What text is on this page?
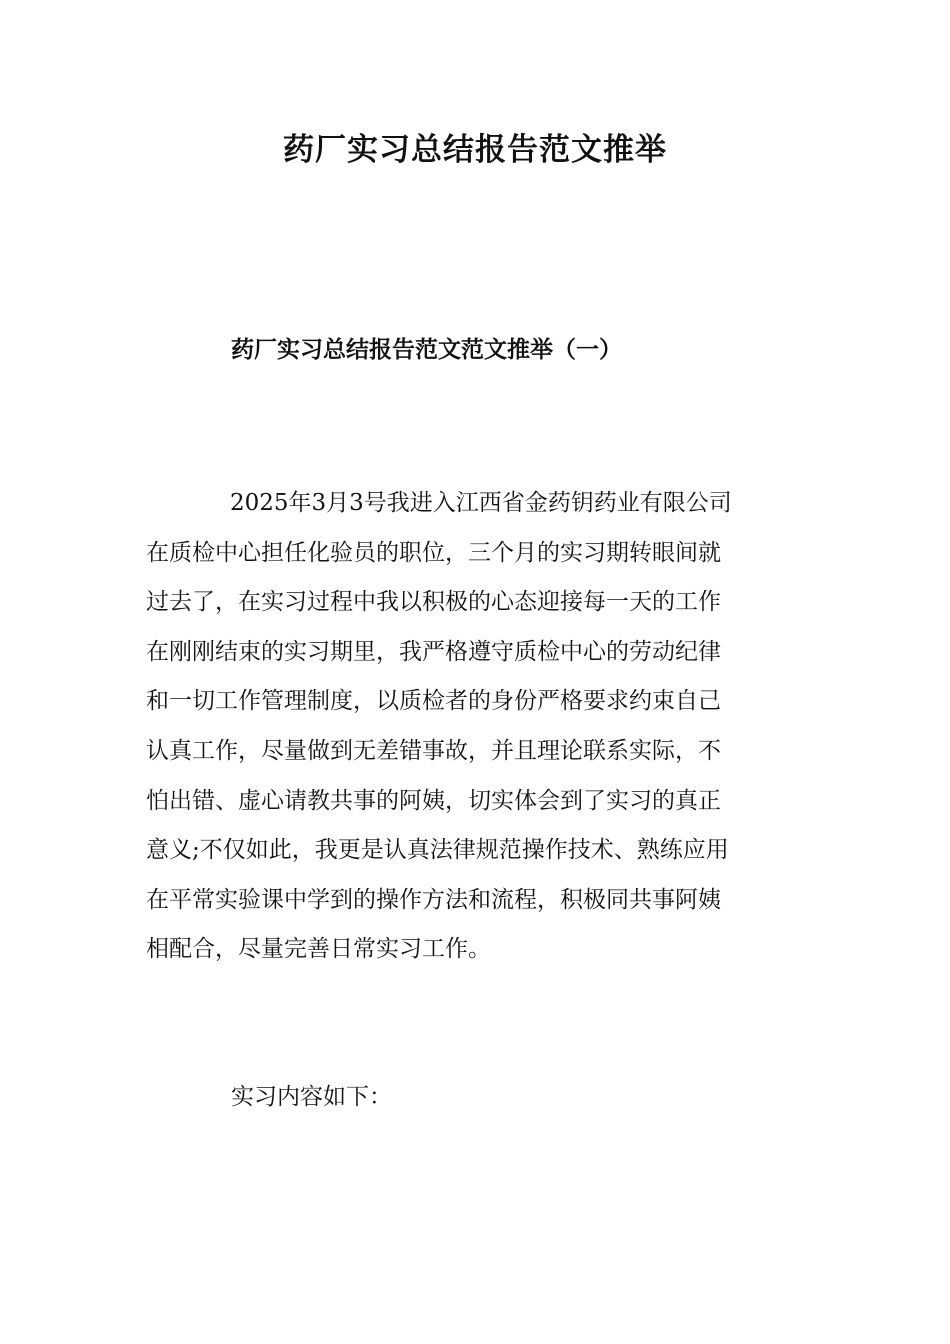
药厂实习总结报告范文推举
药厂实习总结报告范文范文推举（一）
2025年3月3号我进入江西省金药钥药业有限公司
在质检中心担任化验员的职位，三个月的实习期转眼间就
过去了，在实习过程中我以积极的心态迎接每一天的工作
在刚刚结束的实习期里，我严格遵守质检中心的劳动纪律
和一切工作管理制度，以质检者的身份严格要求约束自己
认真工作，尽量做到无差错事故，并且理论联系实际，不
怕出错、虚心请教共事的阿姨，切实体会到了实习的真正
意义;不仅如此，我更是认真法律规范操作技术、熟练应用
在平常实验课中学到的操作方法和流程，积极同共事阿姨
相配合，尽量完善日常实习工作。

实习内容如下：
